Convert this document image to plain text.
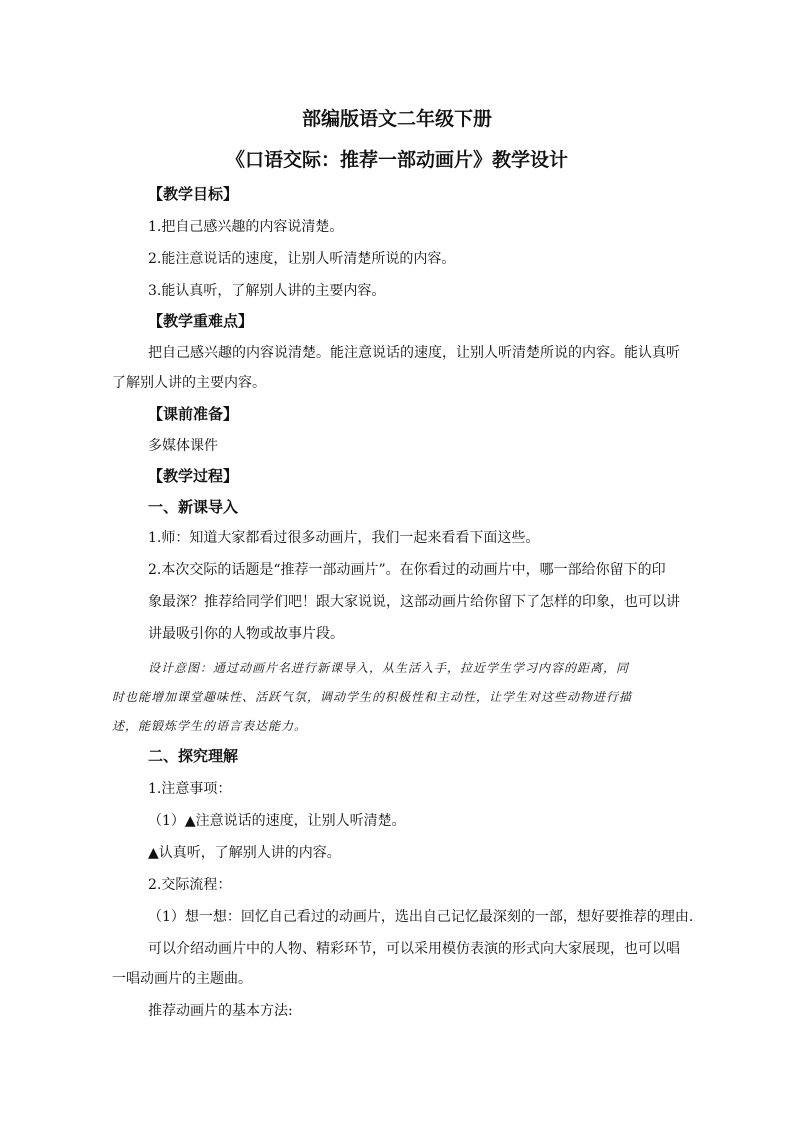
部编版语文二年级下册
《口语交际：推荐一部动画片》教学设计
【教学目标】
1.把自己感兴趣的内容说清楚。
2.能注意说话的速度，让别人听清楚所说的内容。
3.能认真听，了解别人讲的主要内容。
【教学重难点】
把自己感兴趣的内容说清楚。能注意说话的速度，让别人听清楚所说的内容。能认真听
了解别人讲的主要内容。
【课前准备】
多媒体课件
【教学过程】
一、新课导入
1.师：知道大家都看过很多动画片，我们一起来看看下面这些。
2.本次交际的话题是“推荐一部动画片”。在你看过的动画片中，哪一部给你留下的印
象最深？推荐给同学们吧！跟大家说说，这部动画片给你留下了怎样的印象，也可以讲
讲最吸引你的人物或故事片段。
设计意图：通过动画片名进行新课导入，从生活入手，拉近学生学习内容的距离，同
时也能增加课堂趣味性、活跃气氛，调动学生的积极性和主动性，让学生对这些动物进行描
述，能锻炼学生的语言表达能力。
二、探究理解
1.注意事项：
（1）▲注意说话的速度，让别人听清楚。
▲认真听，了解别人讲的内容。
2.交际流程：
（1）想一想：回忆自己看过的动画片，选出自己记忆最深刻的一部，想好要推荐的理由.
可以介绍动画片中的人物、精彩环节，可以采用模仿表演的形式向大家展现，也可以唱
一唱动画片的主题曲。
推荐动画片的基本方法:
